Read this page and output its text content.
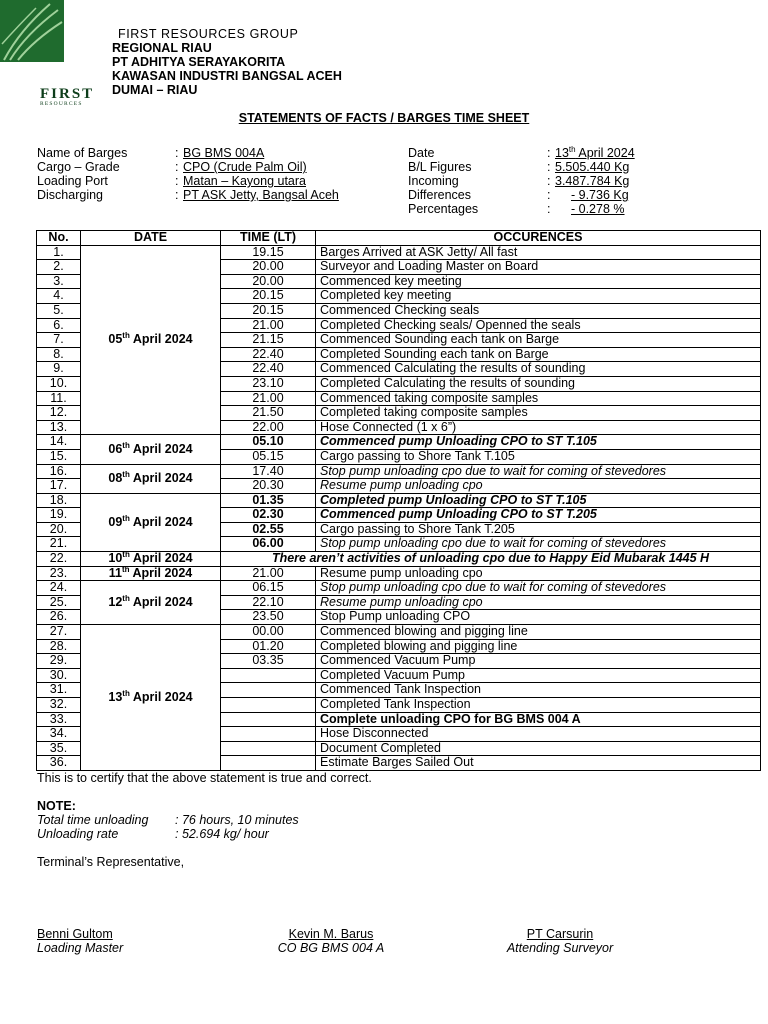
FIRST
RESOURCES
FIRST RESOURCES GROUP
REGIONAL RIAU
PT ADHITYA SERAYAKORITA
KAWASAN INDUSTRI BANGSAL ACEH
DUMAI – RIAU
STATEMENTS OF FACTS / BARGES TIME SHEET
Name of Barges	: BG BMS 004A
Cargo – Grade	: CPO (Crude Palm Oil)
Loading Port	: Matan – Kayong utara
Discharging	: PT ASK Jetty, Bangsal Aceh
Date	: 13th April 2024
B/L Figures	: 5.505.440 Kg
Incoming	: 3.487.784 Kg
Differences	: - 9.736 Kg
Percentages	: - 0.278 %
No.	DATE	TIME (LT)	OCCURENCES
1.	05th April 2024	19.15	Barges Arrived at ASK Jetty/ All fast
2.		20.00	Surveyor and Loading Master on Board
3.		20.00	Commenced key meeting
4.		20.15	Completed key meeting
5.		20.15	Commenced Checking seals
6.		21.00	Completed Checking seals/ Openned the seals
7.		21.15	Commenced Sounding each tank on Barge
8.		22.40	Completed Sounding each tank on Barge
9.		22.40	Commenced Calculating the results of sounding
10.		23.10	Completed Calculating the results of sounding
11.		21.00	Commenced taking composite samples
12.		21.50	Completed taking composite samples
13.		22.00	Hose Connected (1 x 6”)
14.	06th April 2024	05.10	Commenced pump Unloading CPO to ST T.105
15.		05.15	Cargo passing to Shore Tank T.105
16.	08th April 2024	17.40	Stop pump unloading cpo due to wait for coming of stevedores
17.		20.30	Resume pump unloading cpo
18.	09th April 2024	01.35	Completed pump Unloading CPO to ST T.105
19.		02.30	Commenced pump Unloading CPO to ST T.205
20.		02.55	Cargo passing to Shore Tank T.205
21.		06.00	Stop pump unloading cpo due to wait for coming of stevedores
22.	10th April 2024	There aren’t activities of unloading cpo due to Happy Eid Mubarak 1445 H	
23.	11th April 2024	21.00	Resume pump unloading cpo
24.	12th April 2024	06.15	Stop pump unloading cpo due to wait for coming of stevedores
25.		22.10	Resume pump unloading cpo
26.		23.50	Stop Pump unloading CPO
27.	13th April 2024	00.00	Commenced blowing and pigging line
28.		01.20	Completed blowing and pigging line
29.		03.35	Commenced Vacuum Pump
30.			Completed Vacuum Pump
31.			Commenced Tank Inspection
32.			Completed Tank Inspection
33.			Complete unloading CPO for BG BMS 004 A
34.			Hose Disconnected
35.			Document Completed
36.			Estimate Barges Sailed Out
This is to certify that the above statement is true and correct.
NOTE:
Total time unloading : 76 hours, 10 minutes
Unloading rate	: 52.694 kg/ hour
Terminal’s Representative,
Benni Gultom
Loading Master
Kevin M. Barus
CO BG BMS 004 A
PT Carsurin
Attending Surveyor
